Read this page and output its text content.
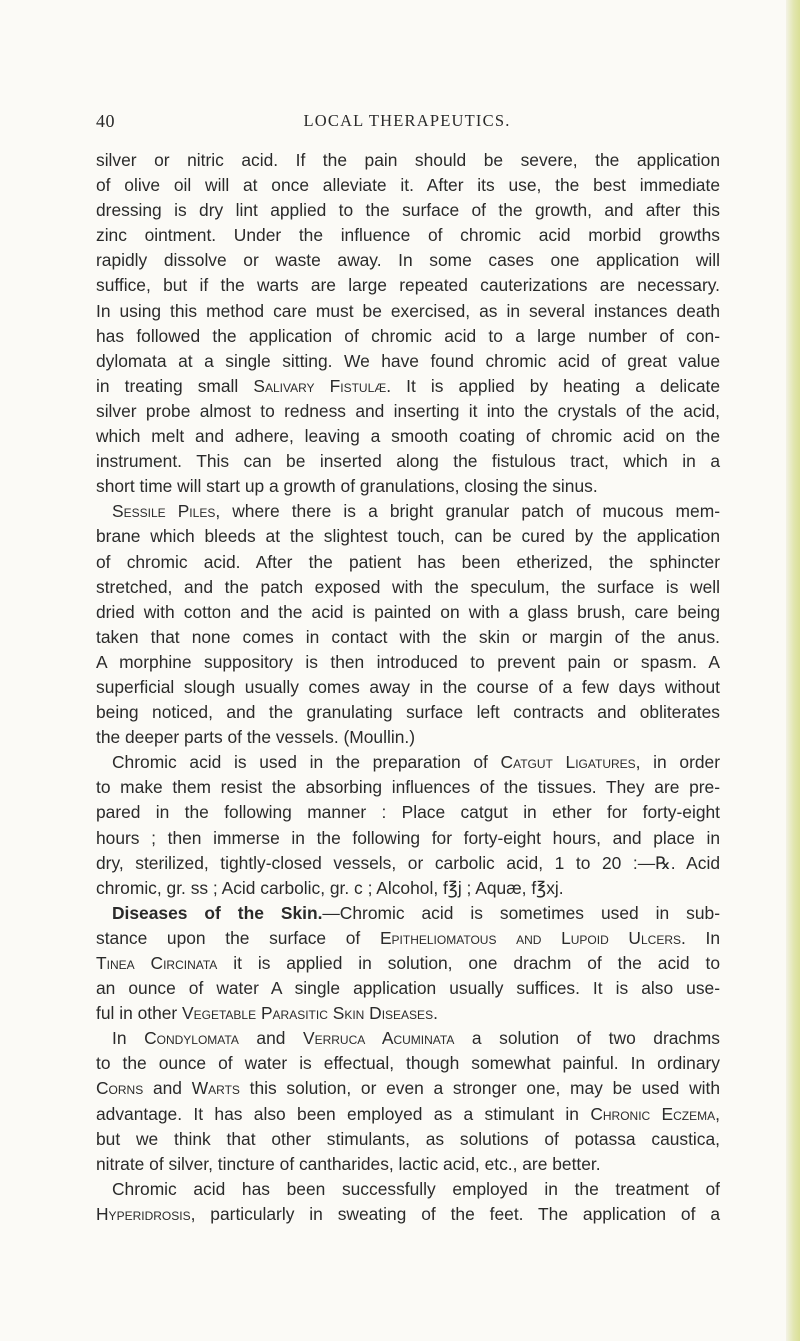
40	LOCAL THERAPEUTICS.
silver or nitric acid. If the pain should be severe, the application
of olive oil will at once alleviate it. After its use, the best immediate
dressing is dry lint applied to the surface of the growth, and after this
zinc ointment. Under the influence of chromic acid morbid growths
rapidly dissolve or waste away. In some cases one application will
suffice, but if the warts are large repeated cauterizations are necessary.
In using this method care must be exercised, as in several instances death
has followed the application of chromic acid to a large number of con-
dylomata at a single sitting. We have found chromic acid of great value
in treating small Salivary Fistulæ. It is applied by heating a delicate
silver probe almost to redness and inserting it into the crystals of the acid,
which melt and adhere, leaving a smooth coating of chromic acid on the
instrument. This can be inserted along the fistulous tract, which in a
short time will start up a growth of granulations, closing the sinus.
Sessile Piles, where there is a bright granular patch of mucous mem-
brane which bleeds at the slightest touch, can be cured by the application
of chromic acid. After the patient has been etherized, the sphincter
stretched, and the patch exposed with the speculum, the surface is well
dried with cotton and the acid is painted on with a glass brush, care being
taken that none comes in contact with the skin or margin of the anus.
A morphine suppository is then introduced to prevent pain or spasm. A
superficial slough usually comes away in the course of a few days without
being noticed, and the granulating surface left contracts and obliterates
the deeper parts of the vessels. (Moullin.)
Chromic acid is used in the preparation of Catgut Ligatures, in order
to make them resist the absorbing influences of the tissues. They are pre-
pared in the following manner : Place catgut in ether for forty-eight
hours ; then immerse in the following for forty-eight hours, and place in
dry, sterilized, tightly-closed vessels, or carbolic acid, 1 to 20 :—℞. Acid
chromic, gr. ss ; Acid carbolic, gr. c ; Alcohol, f℥j ; Aquæ, f℥xj.
Diseases of the Skin.—Chromic acid is sometimes used in sub-
stance upon the surface of Epitheliomatous and Lupoid Ulcers. In
Tinea Circinata it is applied in solution, one drachm of the acid to
an ounce of water A single application usually suffices. It is also use-
ful in other Vegetable Parasitic Skin Diseases.
In Condylomata and Verruca Acuminata a solution of two drachms
to the ounce of water is effectual, though somewhat painful. In ordinary
Corns and Warts this solution, or even a stronger one, may be used with
advantage. It has also been employed as a stimulant in Chronic Eczema,
but we think that other stimulants, as solutions of potassa caustica,
nitrate of silver, tincture of cantharides, lactic acid, etc., are better.
Chromic acid has been successfully employed in the treatment of
Hyperidrosis, particularly in sweating of the feet. The application of a
